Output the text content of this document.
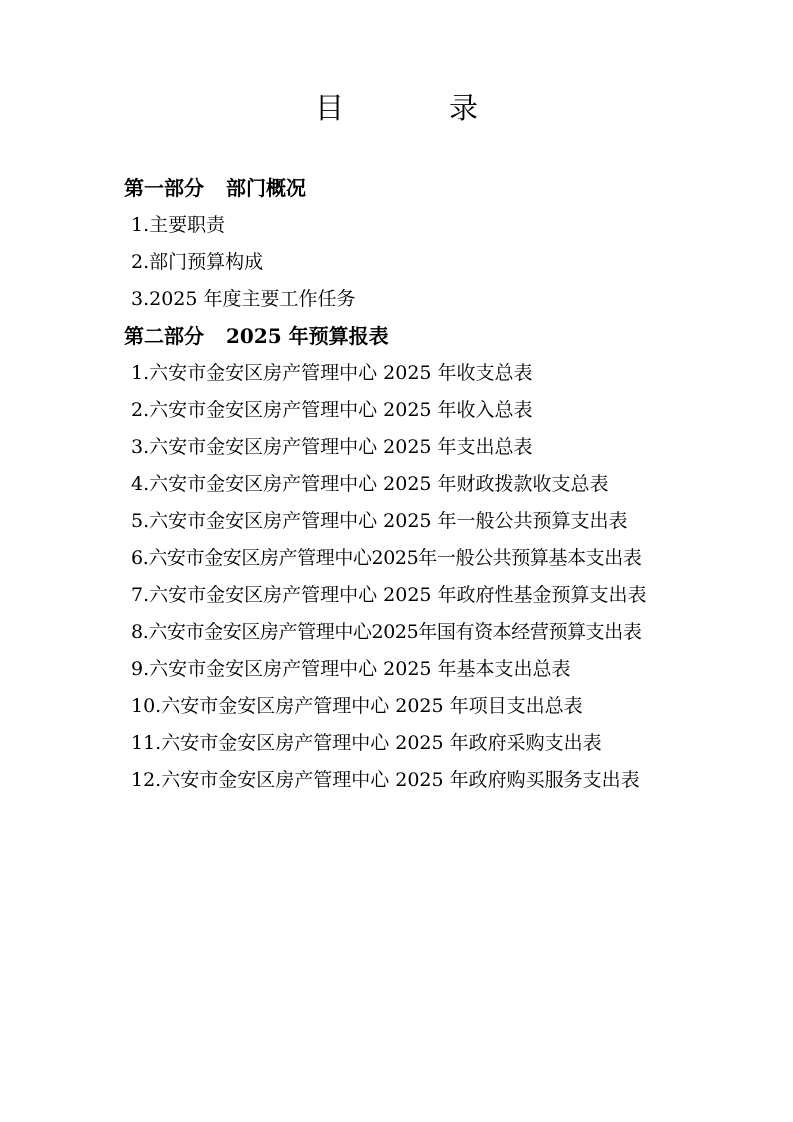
目　录
第一部分 部门概况
1.主要职责
2.部门预算构成
3.2025 年度主要工作任务
第二部分 2025 年预算报表
1.六安市金安区房产管理中心 2025 年收支总表
2.六安市金安区房产管理中心 2025 年收入总表
3.六安市金安区房产管理中心 2025 年支出总表
4.六安市金安区房产管理中心 2025 年财政拨款收支总表
5.六安市金安区房产管理中心 2025 年一般公共预算支出表
6.六安市金安区房产管理中心2025年一般公共预算基本支出表
7.六安市金安区房产管理中心 2025 年政府性基金预算支出表
8.六安市金安区房产管理中心2025年国有资本经营预算支出表
9.六安市金安区房产管理中心 2025 年基本支出总表
10.六安市金安区房产管理中心 2025 年项目支出总表
11.六安市金安区房产管理中心 2025 年政府采购支出表
12.六安市金安区房产管理中心 2025 年政府购买服务支出表
